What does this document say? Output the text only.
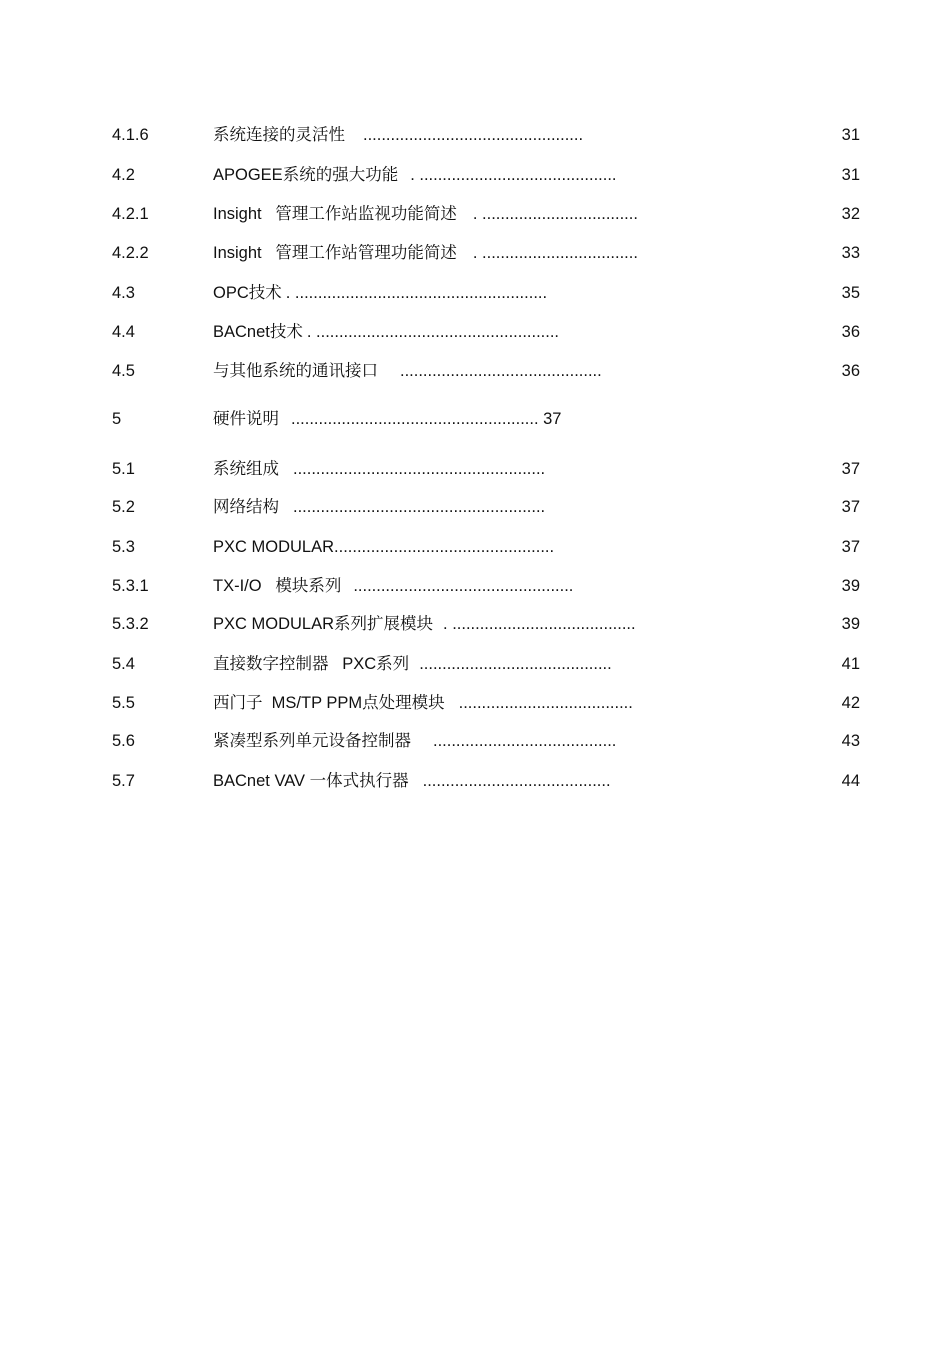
4.1.6	系统连接的灵活性 ................................................	31
4.2	APOGEE系统的强大功能 . ...........................................	31
4.2.1	Insight   管理工作站监视功能简述 . ..................................	32
4.2.2	Insight   管理工作站管理功能简述 . ..................................	33
4.3	OPC技术 . .......................................................	35
4.4	BACnet技术 . .....................................................	36
4.5	与其他系统的通讯接口 ............................................	36
5	硬件说明 ...................................................... 37
5.1	系统组成 .......................................................	37
5.2	网络结构 .......................................................	37
5.3	PXC MODULAR................................................	37
5.3.1	TX-I/O   模块系列 ................................................	39
5.3.2	PXC MODULAR系列扩展模块 . ........................................	39
5.4	直接数字控制器   PXC系列 ..........................................	41
5.5	西门子  MS/TP PPM点处理模块 ......................................	42
5.6	紧凑型系列单元设备控制器 ........................................	43
5.7	BACnet VAV 一体式执行器 .........................................	44
